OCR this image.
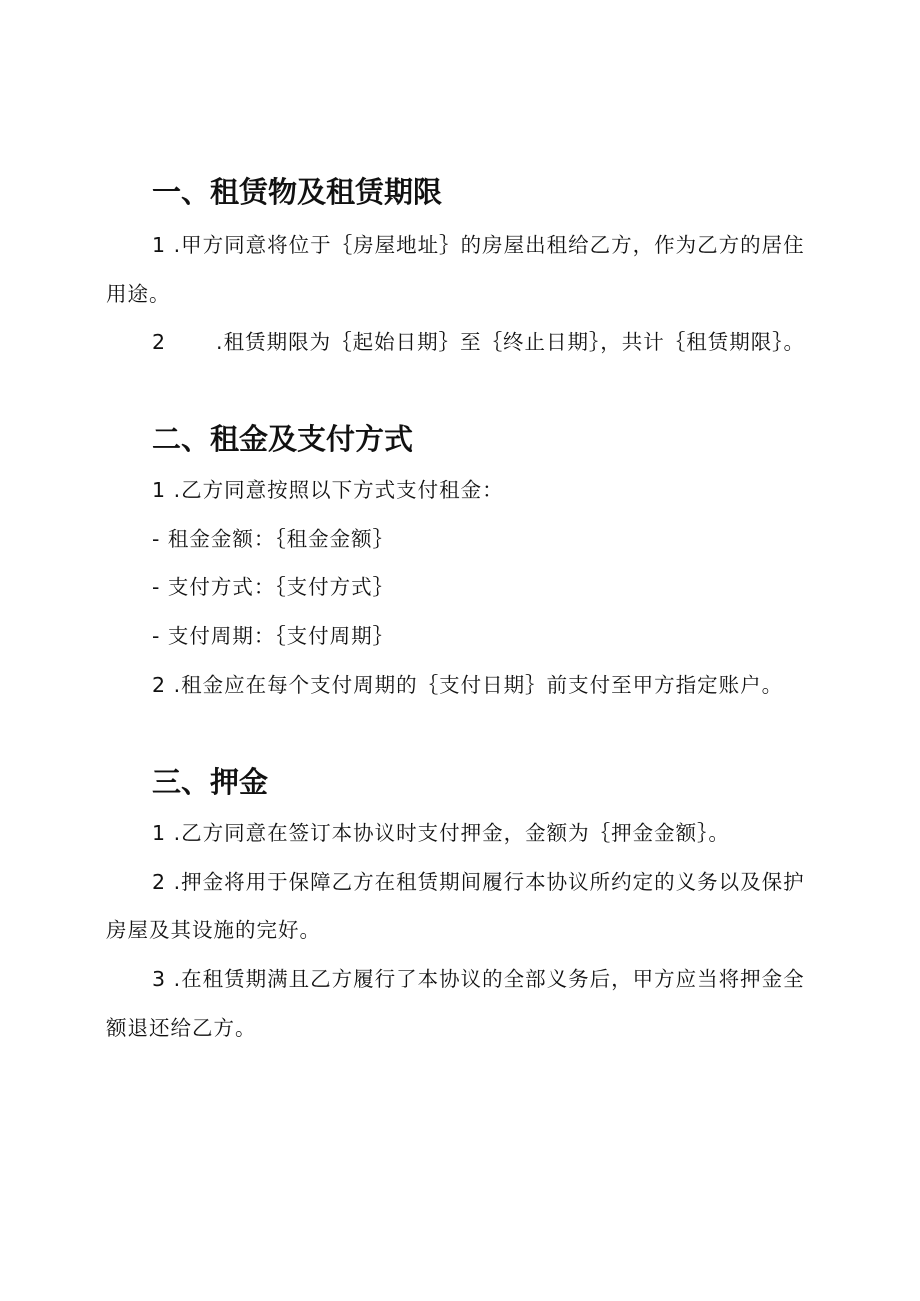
一、租赁物及租赁期限
1 .甲方同意将位于｛房屋地址｝的房屋出租给乙方，作为乙方的居住
用途。
2 .租赁期限为｛起始日期｝至｛终止日期｝，共计｛租赁期限｝。
二、租金及支付方式
1 .乙方同意按照以下方式支付租金：
- 租金金额：｛租金金额｝
- 支付方式：｛支付方式｝
- 支付周期：｛支付周期｝
2 .租金应在每个支付周期的｛支付日期｝前支付至甲方指定账户。
三、押金
1 .乙方同意在签订本协议时支付押金，金额为｛押金金额｝。
2 .押金将用于保障乙方在租赁期间履行本协议所约定的义务以及保护
房屋及其设施的完好。
3 .在租赁期满且乙方履行了本协议的全部义务后，甲方应当将押金全
额退还给乙方。
